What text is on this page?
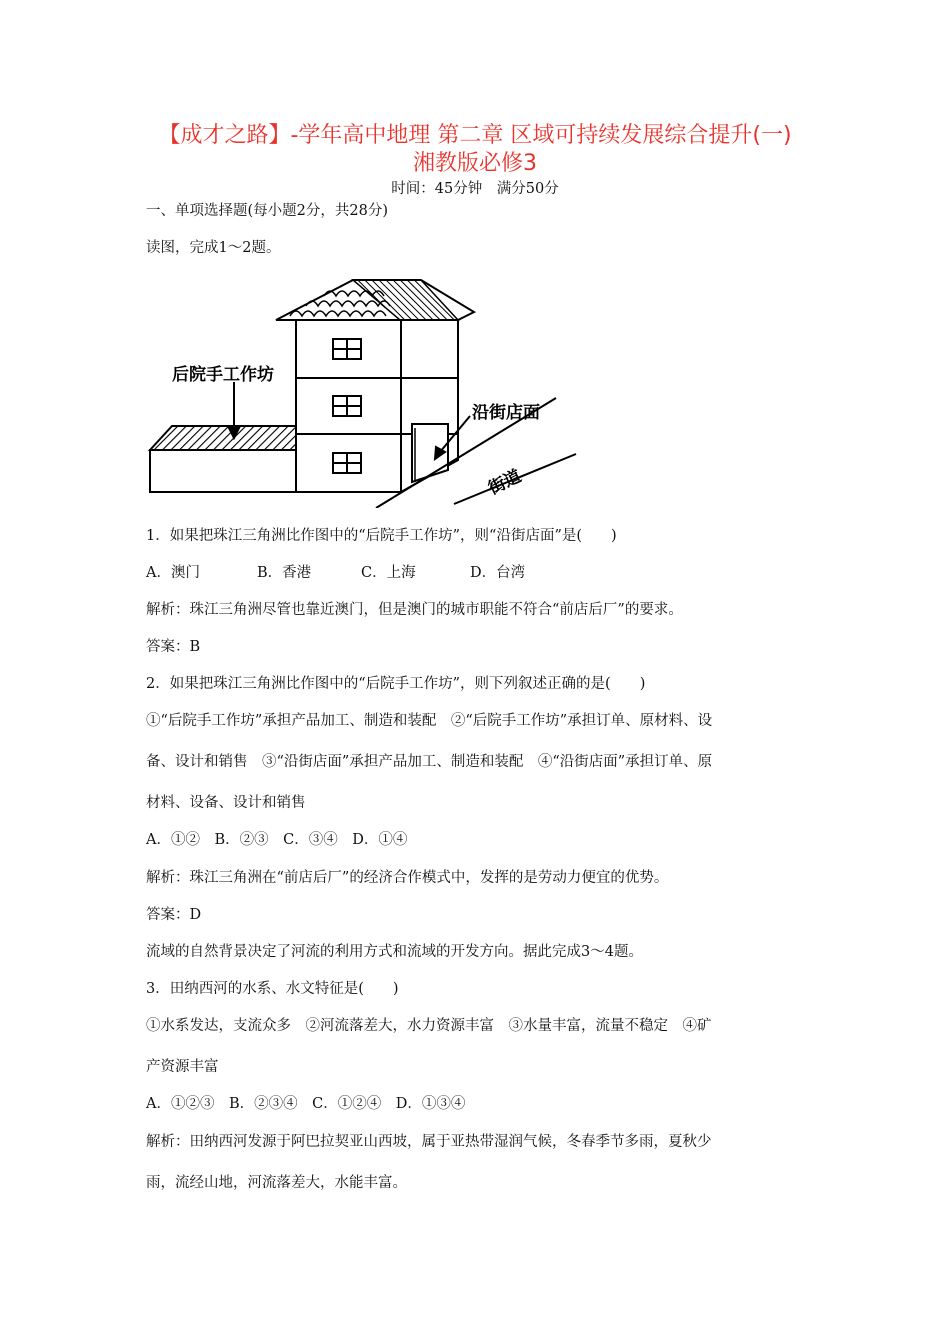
【成才之路】-学年高中地理 第二章 区域可持续发展综合提升(一)
湘教版必修3
时间：45分钟　满分50分
一、单项选择题(每小题2分，共28分)
读图，完成1～2题。
后院手工作坊
沿街店面
街道
1．如果把珠江三角洲比作图中的“后院手工作坊”，则“沿街店面”是(　　)
A．澳门	B．香港	C．上海	D．台湾
解析：珠江三角洲尽管也靠近澳门，但是澳门的城市职能不符合“前店后厂”的要求。
答案：B
2．如果把珠江三角洲比作图中的“后院手工作坊”，则下列叙述正确的是(　　)
①“后院手工作坊”承担产品加工、制造和装配　②“后院手工作坊”承担订单、原材料、设
备、设计和销售　③“沿街店面”承担产品加工、制造和装配　④“沿街店面”承担订单、原
材料、设备、设计和销售
A．①②　B．②③　C．③④　D．①④
解析：珠江三角洲在“前店后厂”的经济合作模式中，发挥的是劳动力便宜的优势。
答案：D
流域的自然背景决定了河流的利用方式和流域的开发方向。据此完成3～4题。
3．田纳西河的水系、水文特征是(　　)
①水系发达，支流众多　②河流落差大，水力资源丰富　③水量丰富，流量不稳定　④矿
产资源丰富
A．①②③　B．②③④　C．①②④　D．①③④
解析：田纳西河发源于阿巴拉契亚山西坡，属于亚热带湿润气候，冬春季节多雨，夏秋少
雨，流经山地，河流落差大，水能丰富。
